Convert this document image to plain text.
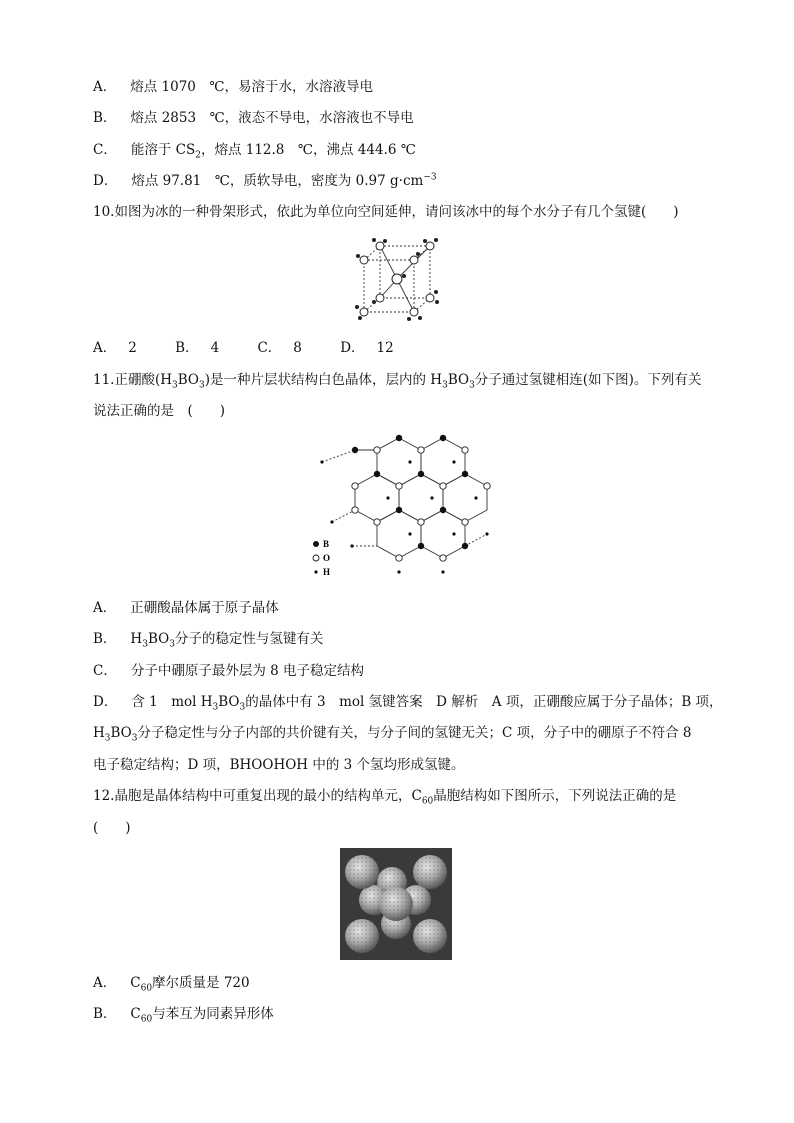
A． 熔点 1070　℃，易溶于水，水溶液导电
B． 熔点 2853　℃，液态不导电，水溶液也不导电
C． 能溶于 $CS_2$，熔点 112.8　℃，沸点 444.6 ℃
D． 熔点 97.81　℃，质软导电，密度为 0.97 $g\cdot cm^{-3}$
10.如图为冰的一种骨架形式，依此为单位向空间延伸，请问该冰中的每个水分子有几个氢键(　　)
A． 2	B． 4	C． 8	D． 12
11.正硼酸$(H_3BO_3)$是一种片层状结构白色晶体，层内的 $H_3BO_3$分子通过氢键相连(如下图)。下列有关
说法正确的是　(　　)
B
O
H
A． 正硼酸晶体属于原子晶体
B． $H_3BO_3$分子的稳定性与氢键有关
C． 分子中硼原子最外层为 8 电子稳定结构
D． 含 1　mol $H_3BO_3$的晶体中有 3　mol 氢键答案　D 解析　A 项，正硼酸应属于分子晶体；B 项，
$H_3BO_3$分子稳定性与分子内部的共价键有关，与分子间的氢键无关；C 项，分子中的硼原子不符合 8
电子稳定结构；D 项，BHOOHOH 中的 3 个氢均形成氢键。
12.晶胞是晶体结构中可重复出现的最小的结构单元，$C_{60}$晶胞结构如下图所示，下列说法正确的是
(　　)
A． $C_{60}$摩尔质量是 720
B． $C_{60}$与苯互为同素异形体
